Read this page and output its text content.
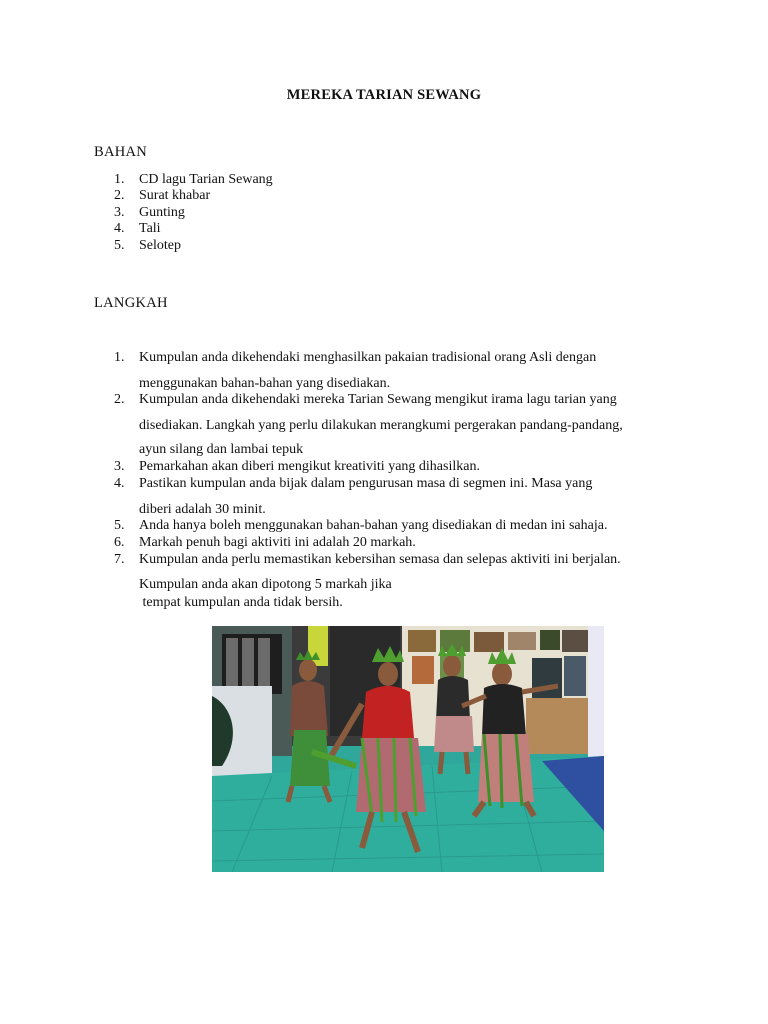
MEREKA TARIAN SEWANG
BAHAN
1.	CD lagu Tarian Sewang
2.	Surat khabar
3.	Gunting
4.	Tali
5.	Selotep
LANGKAH
1.	Kumpulan anda dikehendaki menghasilkan pakaian tradisional orang Asli dengan
menggunakan bahan-bahan yang disediakan.
2.	Kumpulan anda dikehendaki mereka Tarian Sewang mengikut irama lagu tarian yang
disediakan. Langkah yang perlu dilakukan merangkumi pergerakan pandang-pandang,
ayun silang dan lambai tepuk
3.	Pemarkahan akan diberi mengikut kreativiti yang dihasilkan.
4.	Pastikan kumpulan anda bijak dalam pengurusan masa di segmen ini. Masa yang
diberi adalah 30 minit.
5.	Anda hanya boleh menggunakan bahan-bahan yang disediakan di medan ini sahaja.
6.	Markah penuh bagi aktiviti ini adalah 20 markah.
7.	Kumpulan anda perlu memastikan kebersihan semasa dan selepas aktiviti ini berjalan.
Kumpulan anda akan dipotong 5 markah jika
tempat kumpulan anda tidak bersih.
